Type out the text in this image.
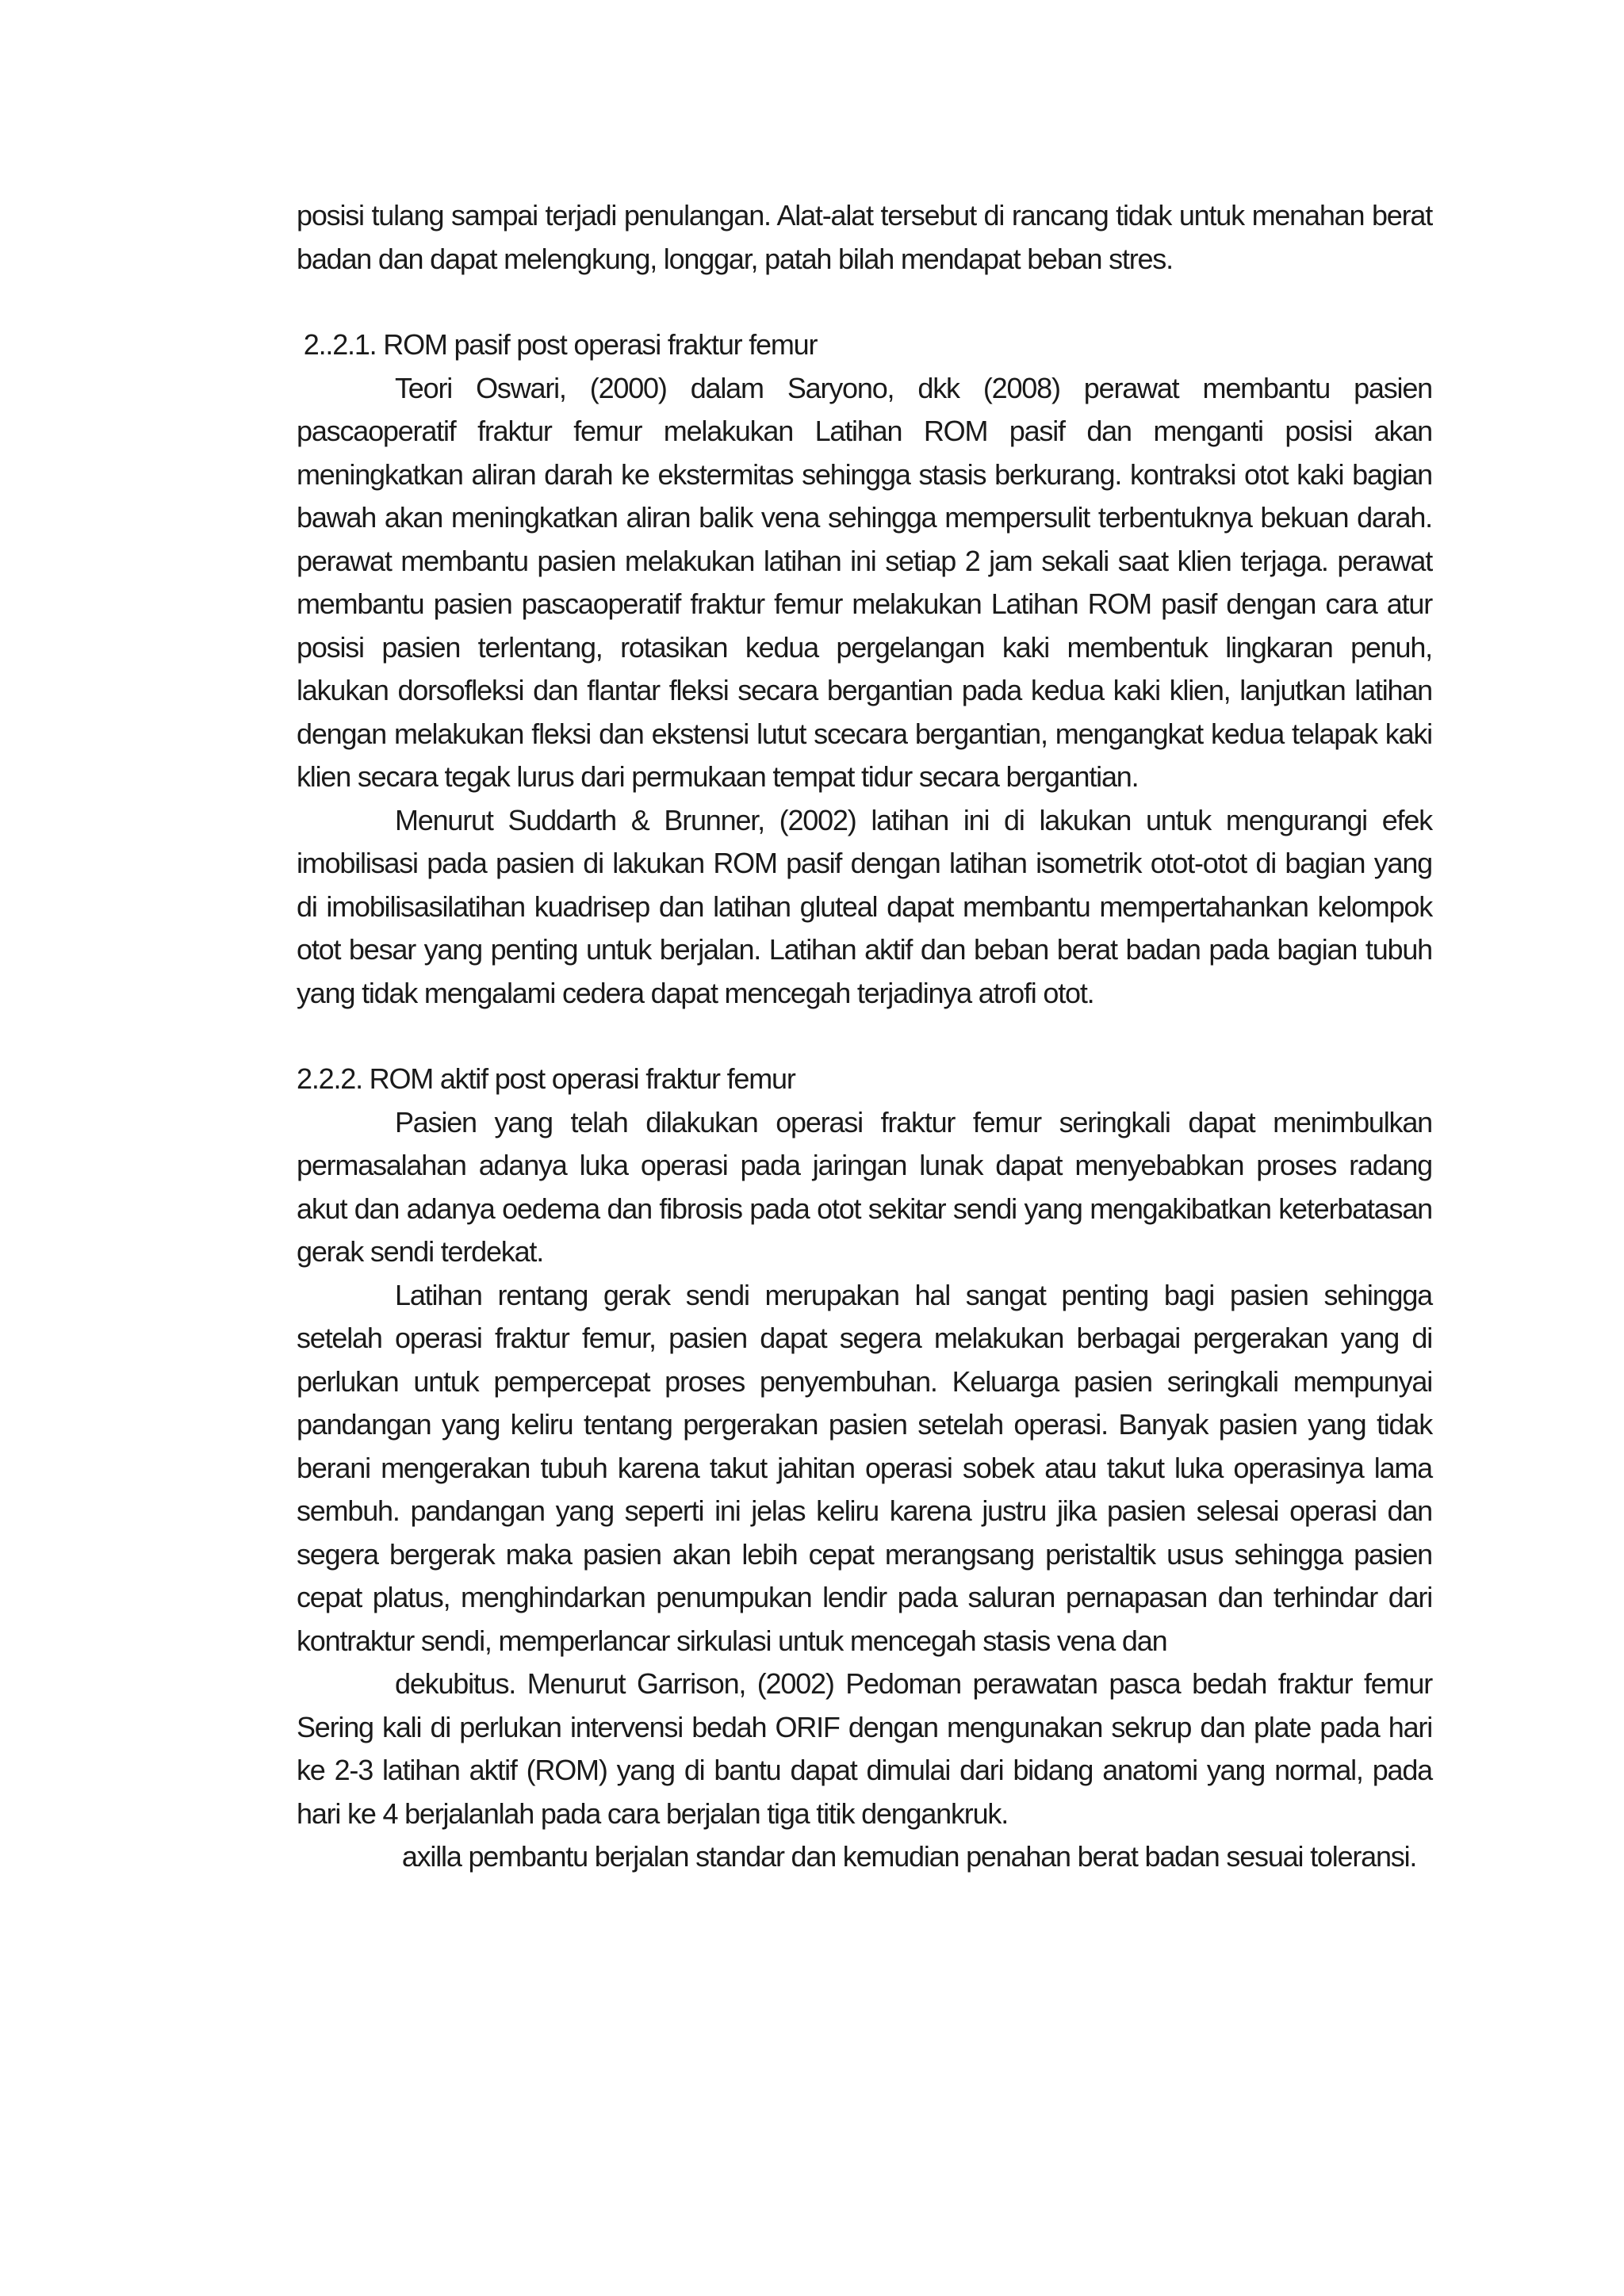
posisi tulang sampai terjadi penulangan. Alat-alat tersebut di rancang tidak untuk menahan berat badan dan dapat melengkung, longgar, patah bilah mendapat beban stres.

2..2.1. ROM pasif post operasi fraktur femur

Teori Oswari, (2000) dalam Saryono, dkk (2008) perawat membantu pasien pascaoperatif fraktur femur melakukan Latihan ROM pasif dan menganti posisi akan meningkatkan aliran darah ke ekstermitas sehingga stasis berkurang. kontraksi otot kaki bagian bawah akan meningkatkan aliran balik vena sehingga mempersulit terbentuknya bekuan darah. perawat membantu pasien melakukan latihan ini setiap 2 jam sekali saat klien terjaga. perawat membantu pasien pascaoperatif fraktur femur melakukan Latihan ROM pasif dengan cara atur posisi pasien terlentang, rotasikan kedua pergelangan kaki membentuk lingkaran penuh, lakukan dorsofleksi dan flantar fleksi secara bergantian pada kedua kaki klien, lanjutkan latihan dengan melakukan fleksi dan ekstensi lutut scecara bergantian, mengangkat kedua telapak kaki klien secara tegak lurus dari permukaan tempat tidur secara bergantian.

Menurut Suddarth & Brunner, (2002) latihan ini di lakukan untuk mengurangi efek imobilisasi pada pasien di lakukan ROM pasif dengan latihan isometrik otot-otot di bagian yang di imobilisasilatihan kuadrisep dan latihan gluteal dapat membantu mempertahankan kelompok otot besar yang penting untuk berjalan. Latihan aktif dan beban berat badan pada bagian tubuh yang tidak mengalami cedera dapat mencegah terjadinya atrofi otot.

2.2.2. ROM aktif post operasi fraktur femur

Pasien yang telah dilakukan operasi fraktur femur seringkali dapat menimbulkan permasalahan adanya luka operasi pada jaringan lunak dapat menyebabkan proses radang akut dan adanya oedema dan fibrosis pada otot sekitar sendi yang mengakibatkan keterbatasan gerak sendi terdekat.

Latihan rentang gerak sendi merupakan hal sangat penting bagi pasien sehingga setelah operasi fraktur femur, pasien dapat segera melakukan berbagai pergerakan yang di perlukan untuk pempercepat proses penyembuhan. Keluarga pasien seringkali mempunyai pandangan yang keliru tentang pergerakan pasien setelah operasi. Banyak pasien yang tidak berani mengerakan tubuh karena takut jahitan operasi sobek atau takut luka operasinya lama sembuh. pandangan yang seperti ini jelas keliru karena justru jika pasien selesai operasi dan segera bergerak maka pasien akan lebih cepat merangsang peristaltik usus sehingga pasien cepat platus, menghindarkan penumpukan lendir pada saluran pernapasan dan terhindar dari kontraktur sendi, memperlancar sirkulasi untuk mencegah stasis vena dan

dekubitus. Menurut Garrison, (2002) Pedoman perawatan pasca bedah fraktur femur Sering kali di perlukan intervensi bedah ORIF dengan mengunakan sekrup dan plate pada hari ke 2-3 latihan aktif (ROM) yang di bantu dapat dimulai dari bidang anatomi yang normal, pada hari ke 4 berjalanlah pada cara berjalan tiga titik dengankruk.

axilla pembantu berjalan standar dan kemudian penahan berat badan sesuai toleransi.
